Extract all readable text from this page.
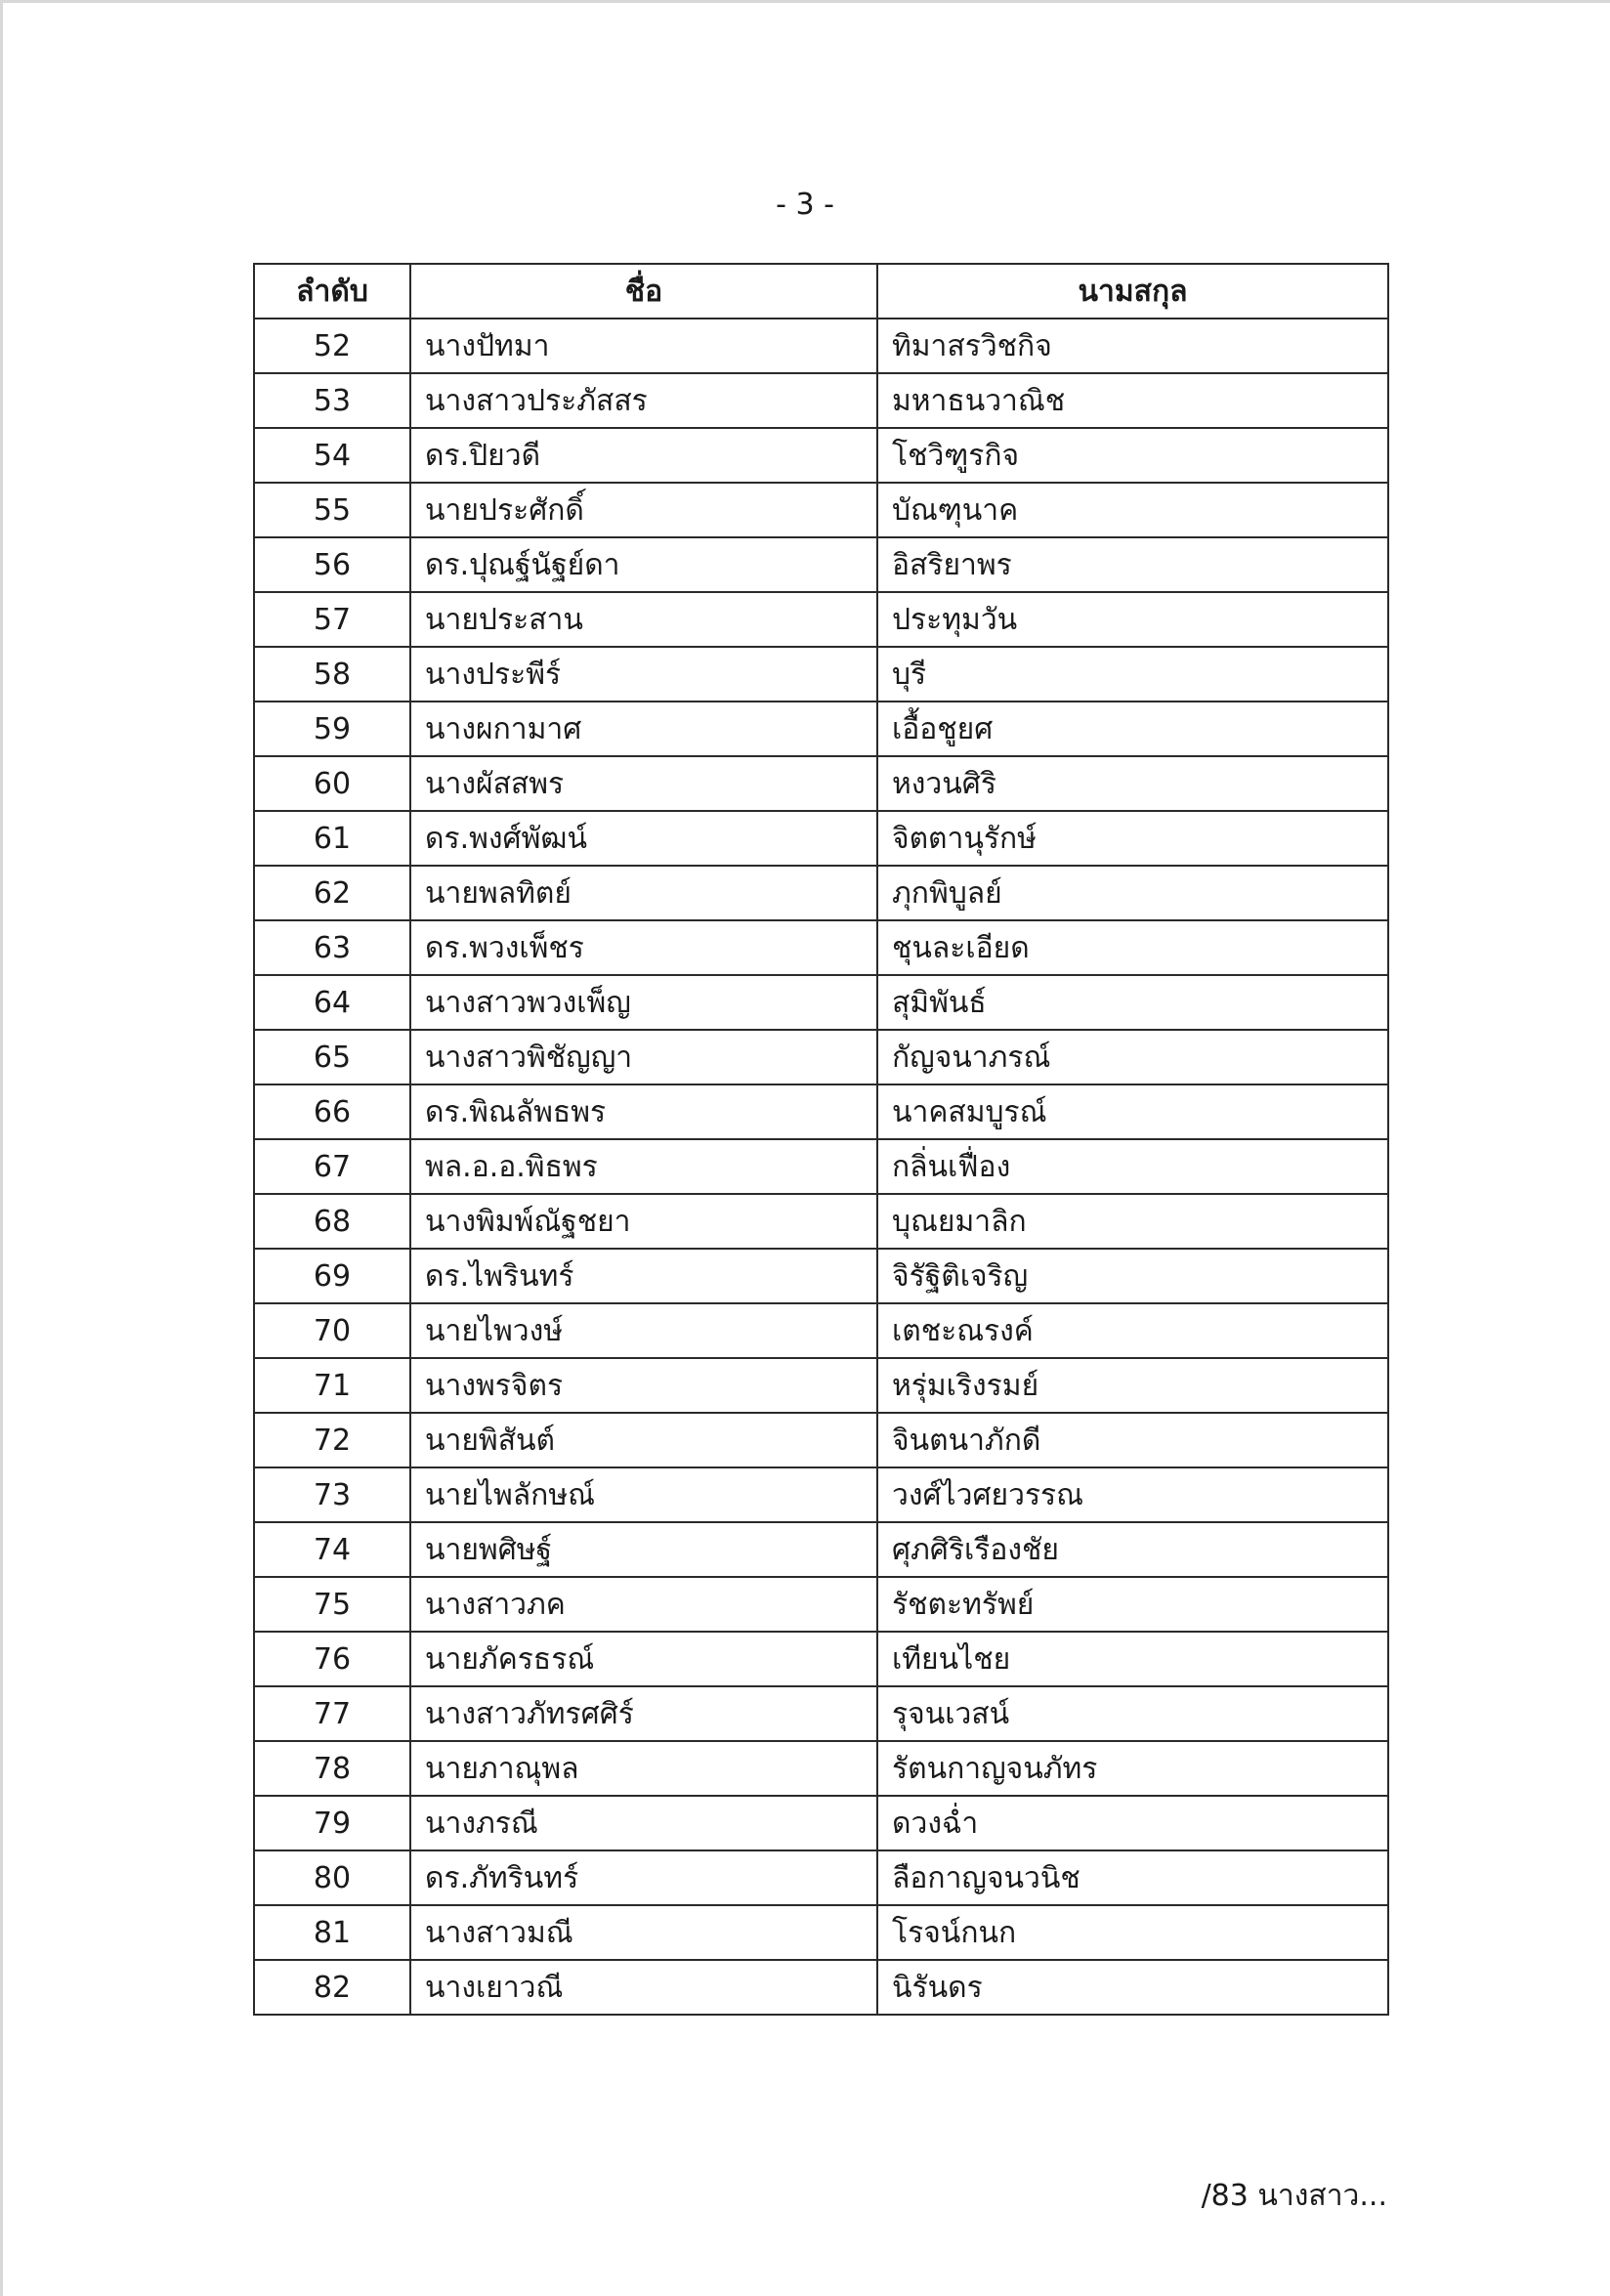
- 3 -
ลำดับ	ชื่อ	นามสกุล
52	นางปัทมา	ทิมาสรวิชกิจ
53	นางสาวประภัสสร	มหาธนวาณิช
54	ดร.ปิยวดี	โชวิฑูรกิจ
55	นายประศักดิ์	บัณฑุนาค
56	ดร.ปุณฐ์นัฐย์ดา	อิสริยาพร
57	นายประสาน	ประทุมวัน
58	นางประพีร์	บุรี
59	นางผกามาศ	เอื้อชูยศ
60	นางผัสสพร	หงวนศิริ
61	ดร.พงศ์พัฒน์	จิตตานุรักษ์
62	นายพลทิตย์	ภุกพิบูลย์
63	ดร.พวงเพ็ชร	ชุนละเอียด
64	นางสาวพวงเพ็ญ	สุมิพันธ์
65	นางสาวพิชัญญา	กัญจนาภรณ์
66	ดร.พิณลัพธพร	นาคสมบูรณ์
67	พล.อ.อ.พิธพร	กลิ่นเฟื่อง
68	นางพิมพ์ณัฐชยา	บุณยมาลิก
69	ดร.ไพรินทร์	จิรัฐิติเจริญ
70	นายไพวงษ์	เตชะณรงค์
71	นางพรจิตร	หรุ่มเริงรมย์
72	นายพิสันต์	จินตนาภักดี
73	นายไพลักษณ์	วงศ์ไวศยวรรณ
74	นายพศิษฐ์	ศุภศิริเรืองชัย
75	นางสาวภค	รัชตะทรัพย์
76	นายภัครธรณ์	เทียนไชย
77	นางสาวภัทรศศิร์	รุจนเวสน์
78	นายภาณุพล	รัตนกาญจนภัทร
79	นางภรณี	ดวงฉ่ำ
80	ดร.ภัทรินทร์	ลือกาญจนวนิช
81	นางสาวมณี	โรจน์กนก
82	นางเยาวณี	นิรันดร
/83 นางสาว...
